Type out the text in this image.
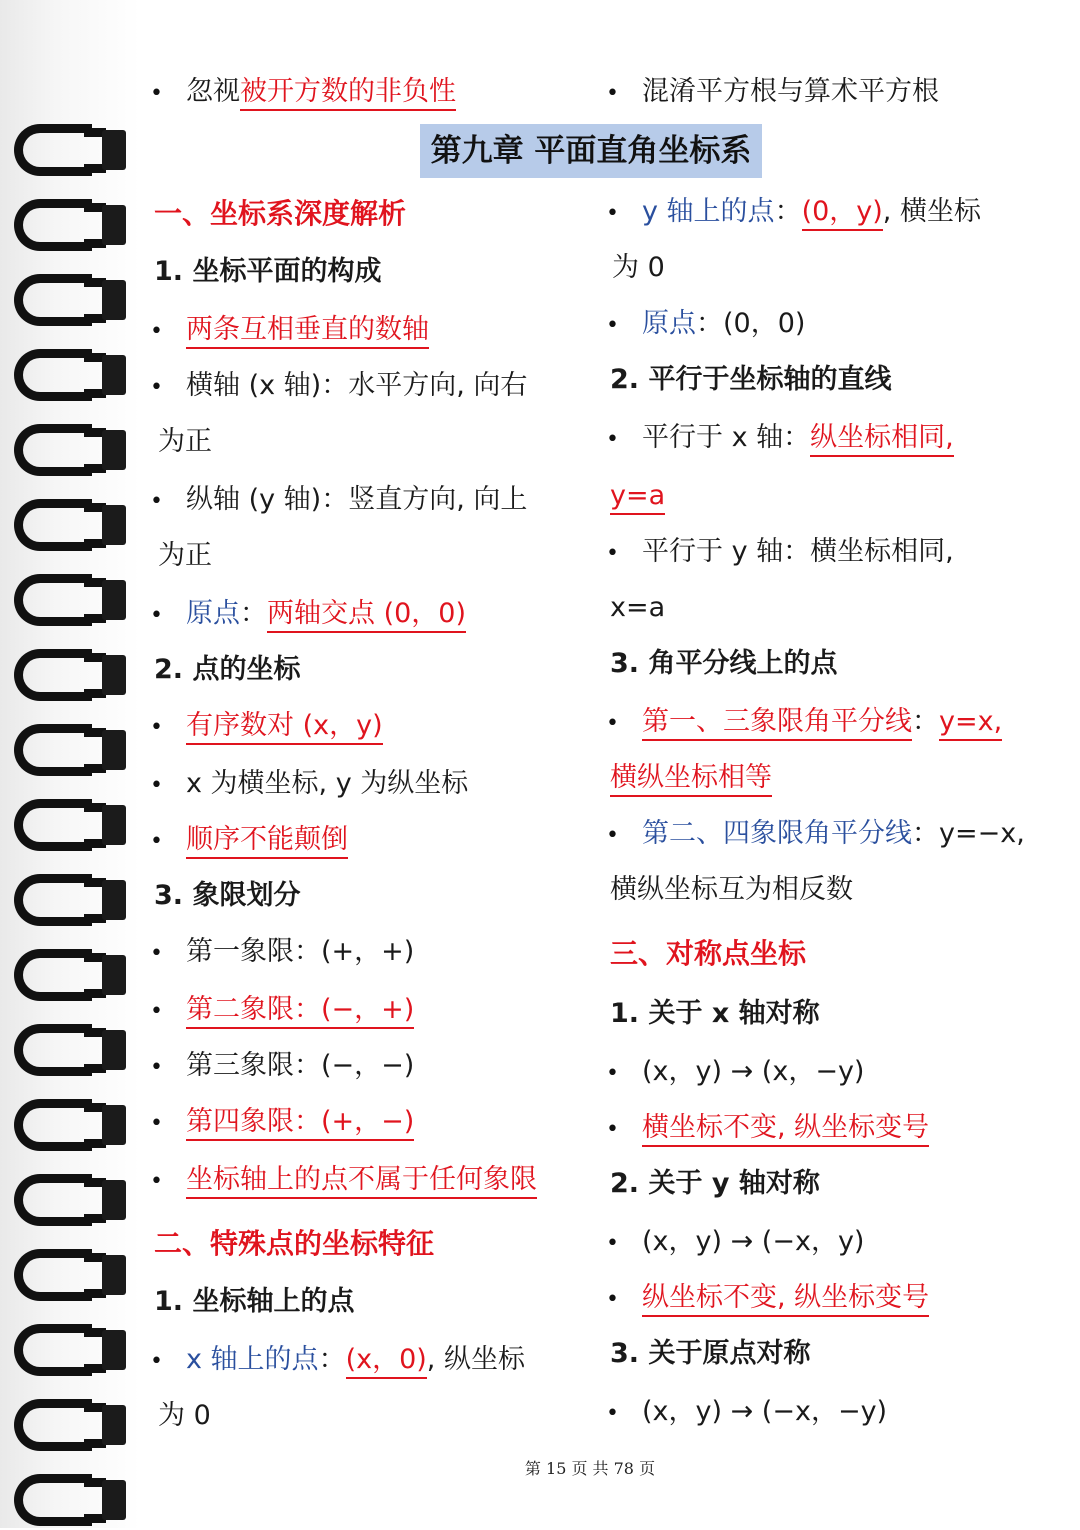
• 忽视被开方数的非负性	• 混淆平方根与算术平方根
第九章 平面直角坐标系
一、坐标系深度解析
1. 坐标平面的构成
• 两条互相垂直的数轴
• 横轴 (x 轴)：水平方向, 向右
为正
• 纵轴 (y 轴)：竖直方向, 向上
为正
• 原点：两轴交点 (0，0)
2. 点的坐标
• 有序数对 (x，y)
• x 为横坐标, y 为纵坐标
• 顺序不能颠倒
3. 象限划分
• 第一象限：(+，+)
• 第二象限：(−，+)
• 第三象限：(−，−)
• 第四象限：(+，−)
• 坐标轴上的点不属于任何象限
二、特殊点的坐标特征
1. 坐标轴上的点
• x 轴上的点：(x，0), 纵坐标
为 0
• y 轴上的点：(0，y), 横坐标
为 0
• 原点：(0，0)
2. 平行于坐标轴的直线
• 平行于 x 轴：纵坐标相同,
y=a
• 平行于 y 轴：横坐标相同,
x=a
3. 角平分线上的点
• 第一、三象限角平分线：y=x,
横纵坐标相等
• 第二、四象限角平分线：y=−x,
横纵坐标互为相反数
三、对称点坐标
1. 关于 x 轴对称
• (x，y) → (x，−y)
• 横坐标不变, 纵坐标变号
2. 关于 y 轴对称
• (x，y) → (−x，y)
• 纵坐标不变, 纵坐标变号
3. 关于原点对称
• (x，y) → (−x，−y)
第 15 页 共 78 页
